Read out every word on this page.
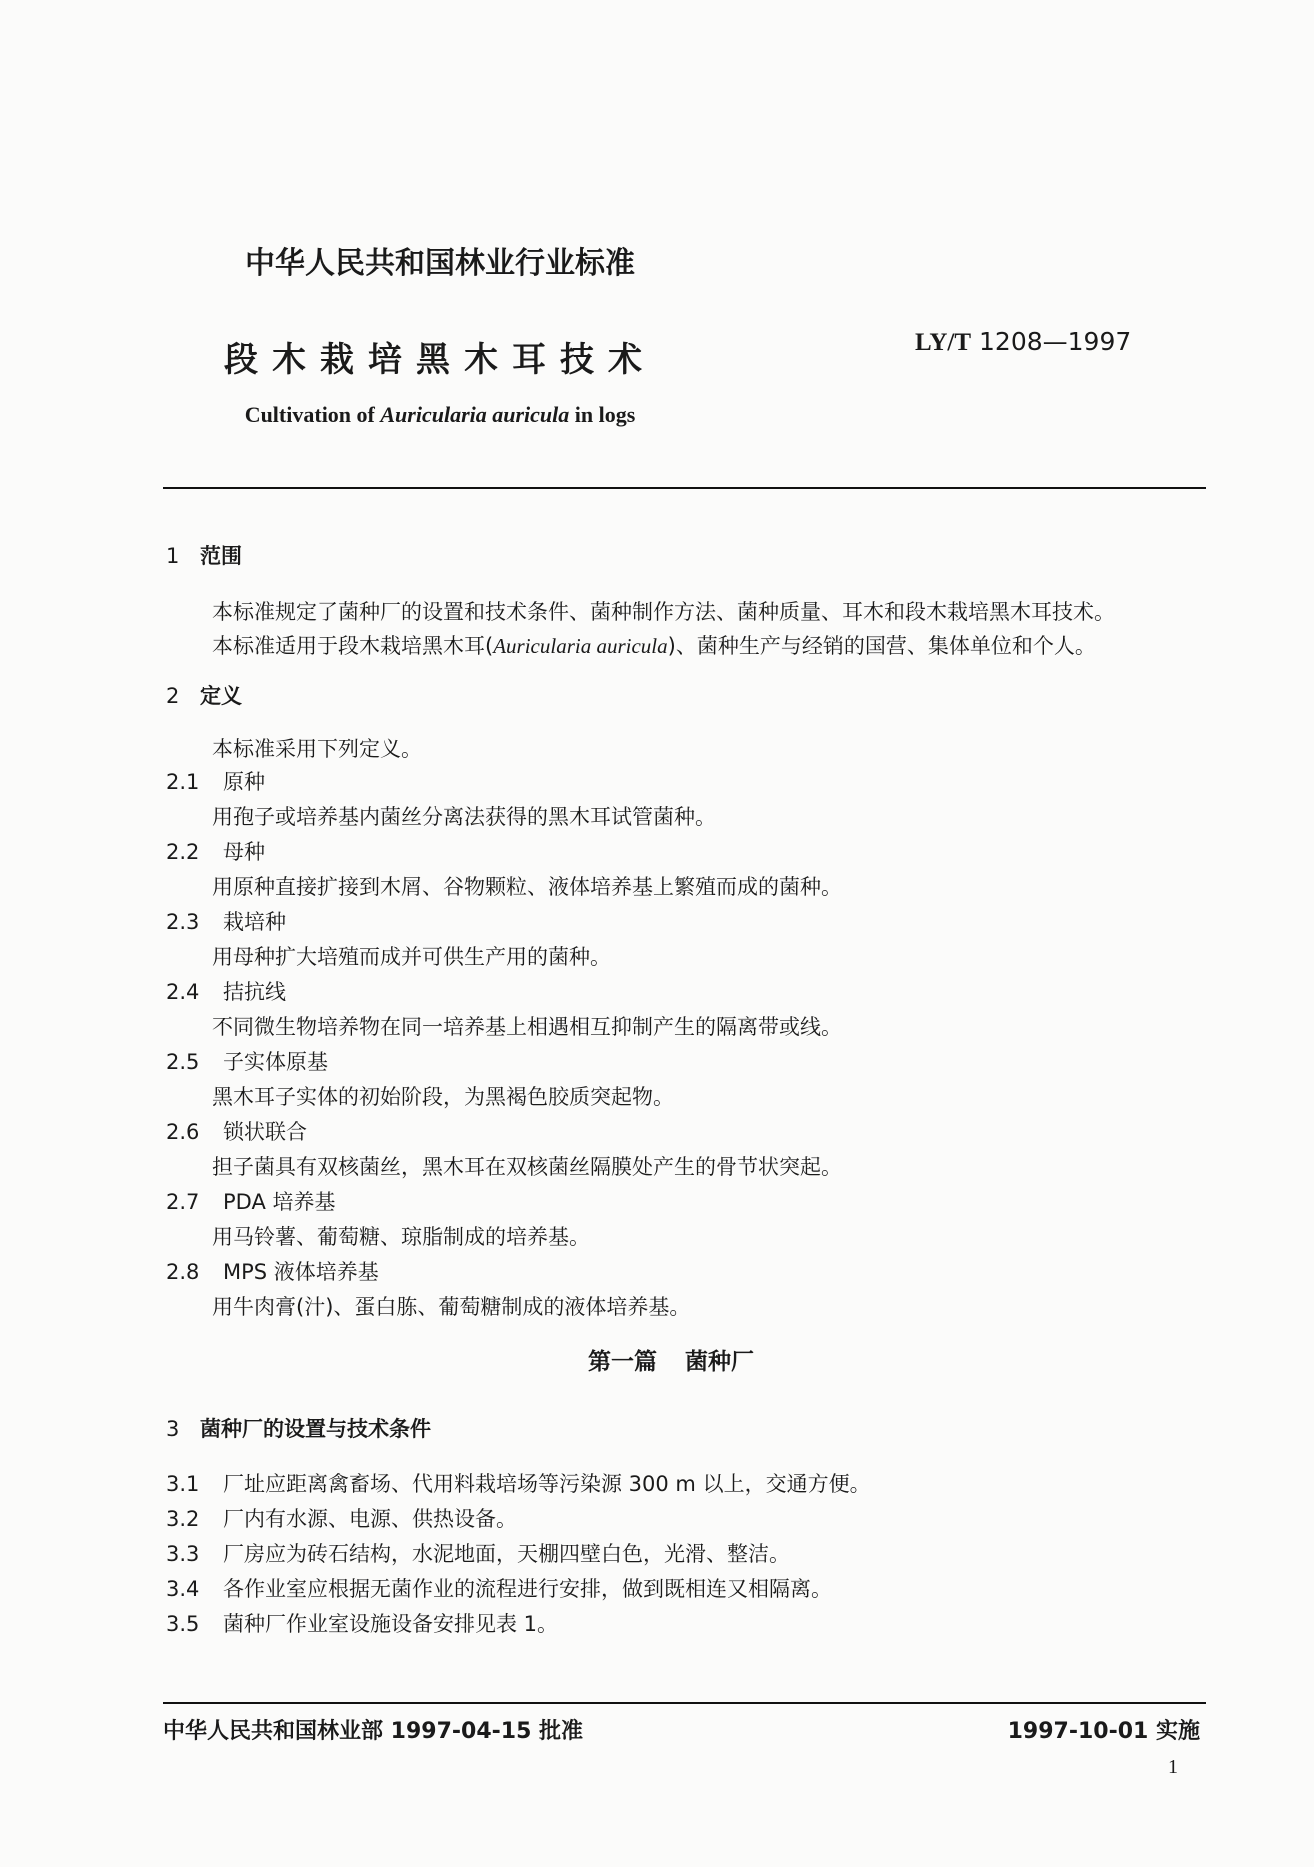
中华人民共和国林业行业标准
段木栽培黑木耳技术	LY/T 1208—1997
Cultivation of Auricularia auricula in logs
1 范围
本标准规定了菌种厂的设置和技术条件、菌种制作方法、菌种质量、耳木和段木栽培黑木耳技术。
本标准适用于段木栽培黑木耳(Auricularia auricula)、菌种生产与经销的国营、集体单位和个人。
2 定义
本标准采用下列定义。
2.1 原种
用孢子或培养基内菌丝分离法获得的黑木耳试管菌种。
2.2 母种
用原种直接扩接到木屑、谷物颗粒、液体培养基上繁殖而成的菌种。
2.3 栽培种
用母种扩大培殖而成并可供生产用的菌种。
2.4 拮抗线
不同微生物培养物在同一培养基上相遇相互抑制产生的隔离带或线。
2.5 子实体原基
黑木耳子实体的初始阶段，为黑褐色胶质突起物。
2.6 锁状联合
担子菌具有双核菌丝，黑木耳在双核菌丝隔膜处产生的骨节状突起。
2.7 PDA 培养基
用马铃薯、葡萄糖、琼脂制成的培养基。
2.8 MPS 液体培养基
用牛肉膏(汁)、蛋白胨、葡萄糖制成的液体培养基。
第一篇 菌种厂
3 菌种厂的设置与技术条件
3.1 厂址应距离禽畜场、代用料栽培场等污染源 300 m 以上，交通方便。
3.2 厂内有水源、电源、供热设备。
3.3 厂房应为砖石结构，水泥地面，天棚四壁白色，光滑、整洁。
3.4 各作业室应根据无菌作业的流程进行安排，做到既相连又相隔离。
3.5 菌种厂作业室设施设备安排见表 1。
中华人民共和国林业部 1997-04-15 批准	1997-10-01 实施
1
